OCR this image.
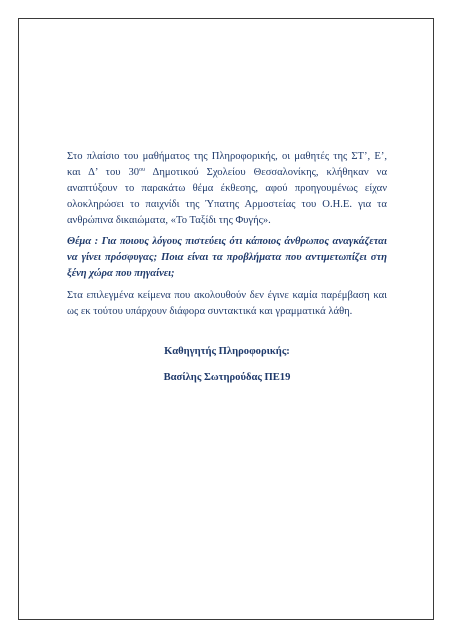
Στο πλαίσιο του μαθήματος της Πληροφορικής, οι μαθητές της ΣΤ’, Ε’, και Δ’ του $30^{o\upsilon}$ Δημοτικού Σχολείου Θεσσαλονίκης, κλήθηκαν να αναπτύξουν το παρακάτω θέμα έκθεσης, αφού προηγουμένως είχαν ολοκληρώσει το παιχνίδι της Ύπατης Αρμοστείας του Ο.Η.Ε. για τα ανθρώπινα δικαιώματα, «Το Ταξίδι της Φυγής».

Θέμα : Για ποιους λόγους πιστεύεις ότι κάποιος άνθρωπος αναγκάζεται να γίνει πρόσφυγας; Ποια είναι τα προβλήματα που αντιμετωπίζει στη ξένη χώρα που πηγαίνει;

Στα επιλεγμένα κείμενα που ακολουθούν δεν έγινε καμία παρέμβαση και ως εκ τούτου υπάρχουν διάφορα συντακτικά και γραμματικά λάθη.

Καθηγητής Πληροφορικής:

Βασίλης Σωτηρούδας ΠΕ19
